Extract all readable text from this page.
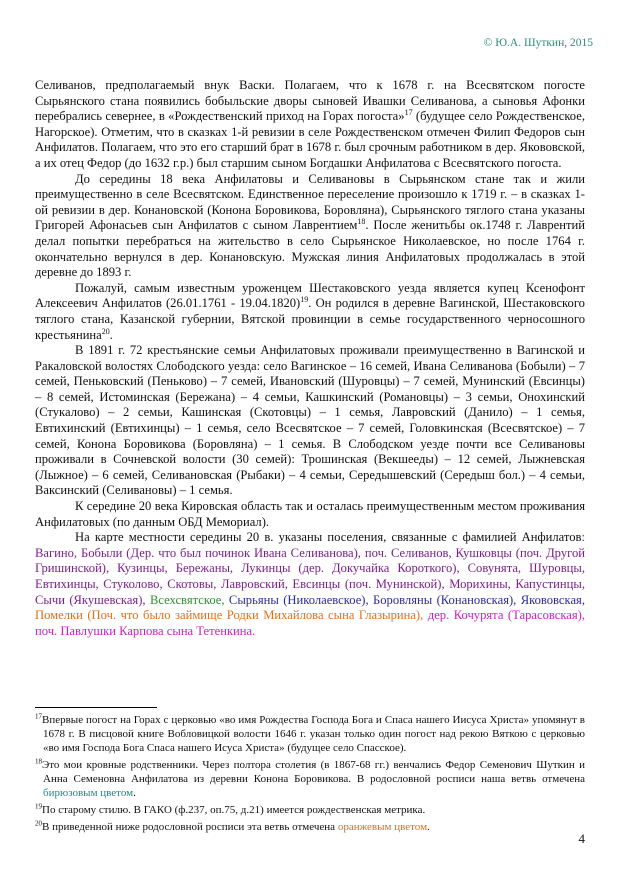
© Ю.А. Шуткин, 2015

Селиванов, предполагаемый внук Васки. Полагаем, что к 1678 г. на Всесвятском погосте Сырьянского стана появились бобыльские дворы сыновей Ивашки Селиванова, а сыновья Афонки перебрались севернее, в «Рождественский приход на Горах погоста»$^{17}$ (будущее село Рождественское, Нагорское). Отметим, что в сказках 1-й ревизии в селе Рождественском отмечен Филип Федоров сын Анфилатов. Полагаем, что это его старший брат в 1678 г. был срочным работником в дер. Якововской, а их отец Федор (до 1632 г.р.) был старшим сыном Богдашки Анфилатова с Всесвятского погоста.

До середины 18 века Анфилатовы и Селивановы в Сырьянском стане так и жили преимущественно в селе Всесвятском. Единственное переселение произошло к 1719 г. – в сказках 1-ой ревизии в дер. Конановской (Конона Боровикова, Боровляна), Сырьянского тяглого стана указаны Григорей Афонасьев сын Анфилатов с сыном Лаврентием$^{18}$. После женитьбы ок.1748 г. Лаврентий делал попытки перебраться на жительство в село Сырьянское Николаевское, но после 1764 г. окончательно вернулся в дер. Конановскую. Мужская линия Анфилатовых продолжалась в этой деревне до 1893 г.

Пожалуй, самым известным уроженцем Шестаковского уезда является купец Ксенофонт Алексеевич Анфилатов (26.01.1761 - 19.04.1820)$^{19}$. Он родился в деревне Вагинской, Шестаковского тяглого стана, Казанской губернии, Вятской провинции в семье государственного черносошного крестьянина$^{20}$.

В 1891 г. 72 крестьянские семьи Анфилатовых проживали преимущественно в Вагинской и Ракаловской волостях Слободского уезда: село Вагинское – 16 семей, Ивана Селиванова (Бобыли) – 7 семей, Пеньковский (Пеньково) – 7 семей, Ивановский (Шуровцы) – 7 семей, Мунинский (Евсинцы) – 8 семей, Истоминская (Бережана) – 4 семьи, Кашкинский (Романовцы) – 3 семьи, Онохинский (Стукалово) – 2 семьи, Кашинская (Скотовцы) – 1 семья, Лавровский (Данило) – 1 семья, Евтихинский (Евтихинцы) – 1 семья, село Всесвятское – 7 семей, Головкинская (Всесвятское) – 7 семей, Конона Боровикова (Боровляна) – 1 семья. В Слободском уезде почти все Селивановы проживали в Сочневской волости (30 семей): Трошинская (Векшееды) – 12 семей, Лыжневская (Лыжное) – 6 семей, Селивановская (Рыбаки) – 4 семьи, Середышевский (Середыш бол.) – 4 семьи, Ваксинский (Селивановы) – 1 семья.

К середине 20 века Кировская область так и осталась преимущественным местом проживания Анфилатовых (по данным ОБД Мемориал).

На карте местности середины 20 в. указаны поселения, связанные с фамилией Анфилатов: Вагино, Бобыли (Дер. что был починок Ивана Селиванова), поч. Селиванов, Кушковцы (поч. Другой Гришинской), Кузинцы, Бережаны, Лукинцы (дер. Докучайка Короткого), Совунята, Шуровцы, Евтихинцы, Стуколово, Скотовы, Лавровский, Евсинцы (поч. Мунинской), Морихины, Капустинцы, Сычи (Якушевская), Всехсвятское, Сырьяны (Николаевское), Боровляны (Конановская), Якововская, Помелки (Поч. что было займище Родки Михайлова сына Глазырина), дер. Кочурята (Тарасовская), поч. Павлушки Карпова сына Тетенкина.

$^{17}$Впервые погост на Горах с церковью «во имя Рождества Господа Бога и Спаса нашего Иисуса Христа» упомянут в 1678 г. В писцовой книге Вобловицкой волости 1646 г. указан только один погост над рекою Вяткою с церковью «во имя Господа Бога Спаса нашего Исуса Христа» (будущее село Спасское).

$^{18}$Это мои кровные родственники. Через полтора столетия (в 1867-68 гг.) венчались Федор Семенович Шуткин и Анна Семеновна Анфилатова из деревни Конона Боровикова. В родословной росписи наша ветвь отмечена бирюзовым цветом.

$^{19}$По старому стилю. В ГАКО (ф.237, оп.75, д.21) имеется рождественская метрика.

$^{20}$В приведенной ниже родословной росписи эта ветвь отмечена оранжевым цветом.

4
